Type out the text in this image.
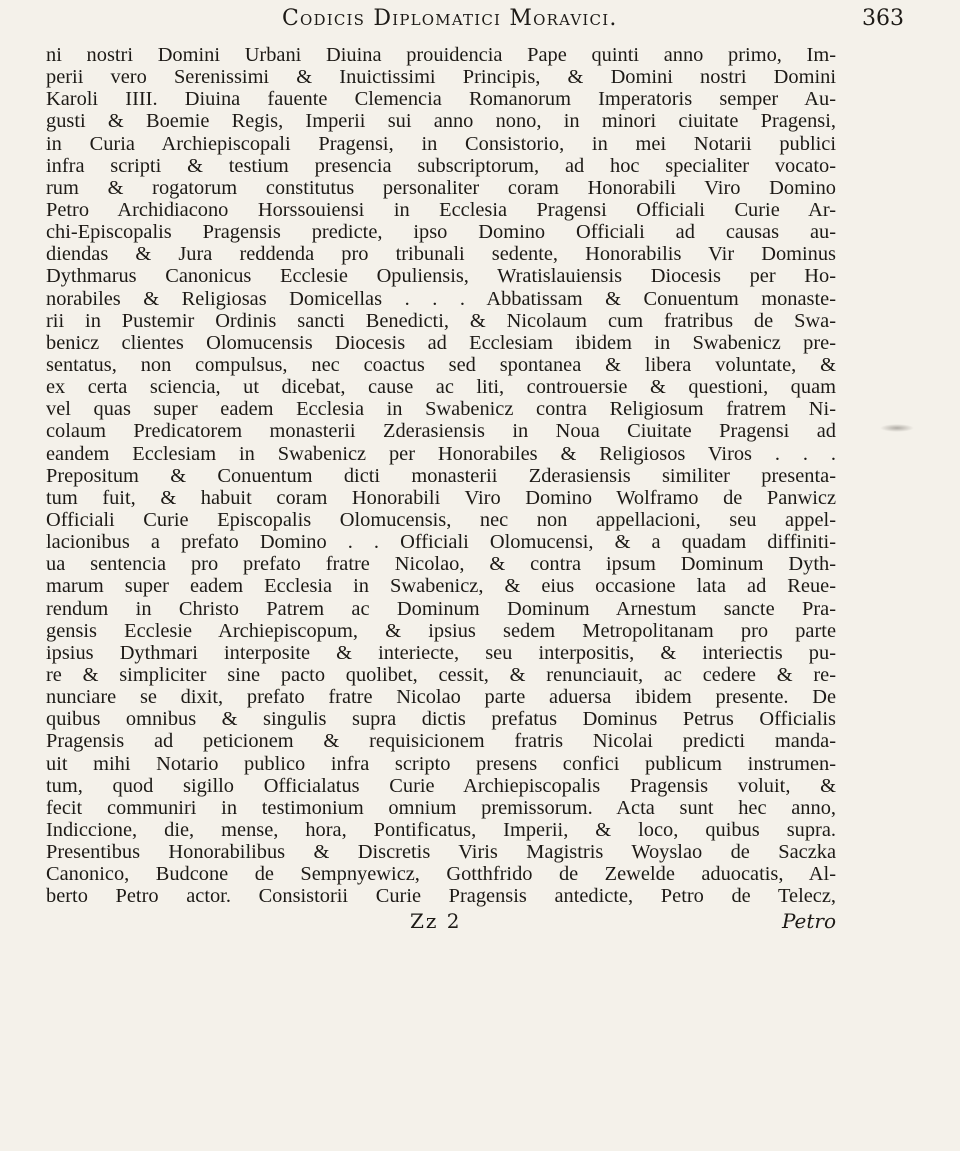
Codicis Diplomatici Moravici.	363
ni nostri Domini Urbani Diuina prouidencia Pape quinti anno primo, Im-
perii vero Serenissimi & Inuictissimi Principis, & Domini nostri Domini
Karoli IIII. Diuina fauente Clemencia Romanorum Imperatoris semper Au-
gusti & Boemie Regis, Imperii sui anno nono, in minori ciuitate Pragensi,
in Curia Archiepiscopali Pragensi, in Consistorio, in mei Notarii publici
infra scripti & testium presencia subscriptorum, ad hoc specialiter vocato-
rum & rogatorum constitutus personaliter coram Honorabili Viro Domino
Petro Archidiacono Horssouiensi in Ecclesia Pragensi Officiali Curie Ar-
chi-Episcopalis Pragensis predicte, ipso Domino Officiali ad causas au-
diendas & Jura reddenda pro tribunali sedente, Honorabilis Vir Dominus
Dythmarus Canonicus Ecclesie Opuliensis, Wratislauiensis Diocesis per Ho-
norabiles & Religiosas Domicellas . . . Abbatissam & Conuentum monaste-
rii in Pustemir Ordinis sancti Benedicti, & Nicolaum cum fratribus de Swa-
benicz clientes Olomucensis Diocesis ad Ecclesiam ibidem in Swabenicz pre-
sentatus, non compulsus, nec coactus sed spontanea & libera voluntate, &
ex certa sciencia, ut dicebat, cause ac liti, controuersie & questioni, quam
vel quas super eadem Ecclesia in Swabenicz contra Religiosum fratrem Ni-
colaum Predicatorem monasterii Zderasiensis in Noua Ciuitate Pragensi ad
eandem Ecclesiam in Swabenicz per Honorabiles & Religiosos Viros . . .
Prepositum & Conuentum dicti monasterii Zderasiensis similiter presenta-
tum fuit, & habuit coram Honorabili Viro Domino Wolframo de Panwicz
Officiali Curie Episcopalis Olomucensis, nec non appellacioni, seu appel-
lacionibus a prefato Domino . . Officiali Olomucensi, & a quadam diffiniti-
ua sentencia pro prefato fratre Nicolao, & contra ipsum Dominum Dyth-
marum super eadem Ecclesia in Swabenicz, & eius occasione lata ad Reue-
rendum in Christo Patrem ac Dominum Dominum Arnestum sancte Pra-
gensis Ecclesie Archiepiscopum, & ipsius sedem Metropolitanam pro parte
ipsius Dythmari interposite & interiecte, seu interpositis, & interiectis pu-
re & simpliciter sine pacto quolibet, cessit, & renunciauit, ac cedere & re-
nunciare se dixit, prefato fratre Nicolao parte aduersa ibidem presente. De
quibus omnibus & singulis supra dictis prefatus Dominus Petrus Officialis
Pragensis ad peticionem & requisicionem fratris Nicolai predicti manda-
uit mihi Notario publico infra scripto presens confici publicum instrumen-
tum, quod sigillo Officialatus Curie Archiepiscopalis Pragensis voluit, &
fecit communiri in testimonium omnium premissorum. Acta sunt hec anno,
Indiccione, die, mense, hora, Pontificatus, Imperii, & loco, quibus supra.
Presentibus Honorabilibus & Discretis Viris Magistris Woyslao de Saczka
Canonico, Budcone de Sempnyewicz, Gotthfrido de Zewelde aduocatis, Al-
berto Petro actor. Consistorii Curie Pragensis antedicte, Petro de Telecz,
Zz 2	Petro
